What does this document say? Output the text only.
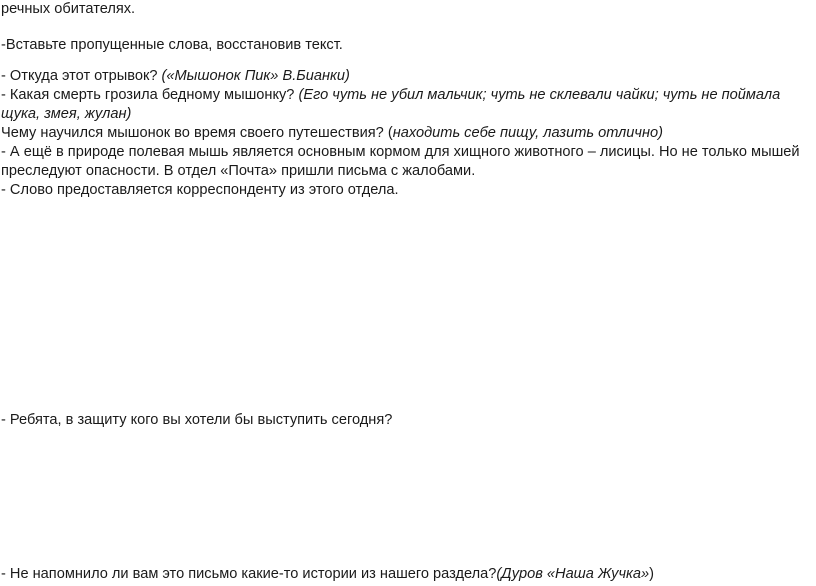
речных обитателях.
-Вставьте пропущенные слова, восстановив текст.
- Откуда этот отрывок? («Мышонок Пик» В.Бианки)
- Какая смерть грозила бедному мышонку? (Его чуть не убил мальчик; чуть не склевали чайки; чуть не поймала щука, змея, жулан)
Чему научился мышонок во время своего путешествия? (находить себе пищу, лазить отлично)
- А ещё в природе полевая мышь является основным кормом для хищного животного – лисицы. Но не только мышей преследуют опасности. В отдел «Почта» пришли письма с жалобами.
- Слово предоставляется корреспонденту из этого отдела.
- Ребята, в защиту кого вы хотели бы выступить сегодня?
- Не напомнило ли вам это письмо какие-то истории из нашего раздела?(Дуров «Наша Жучка»)
